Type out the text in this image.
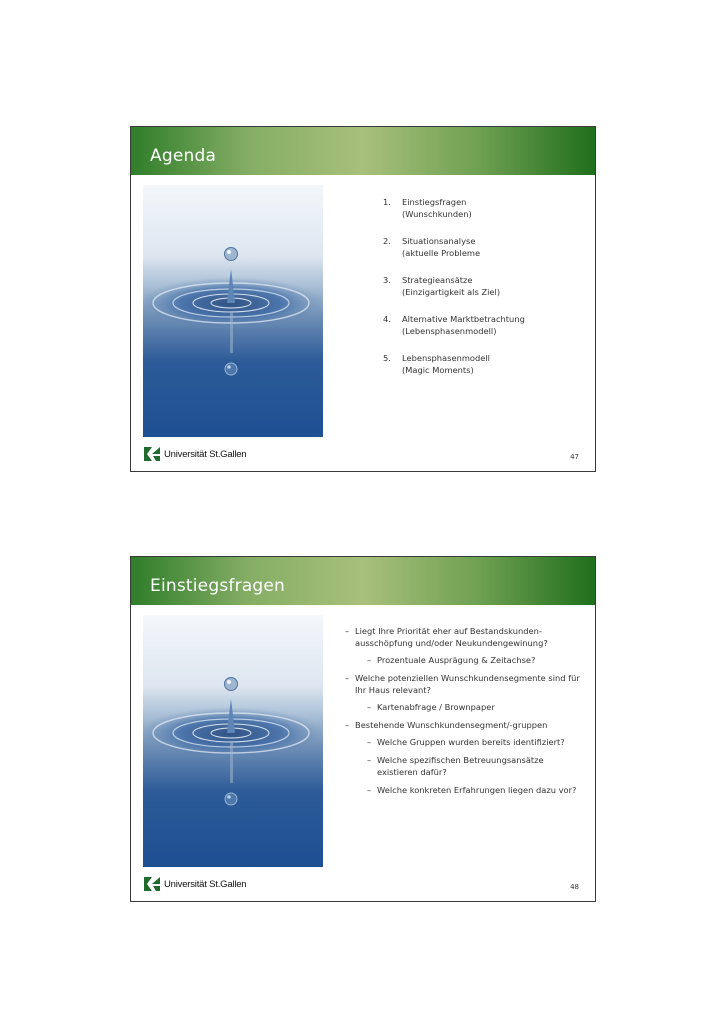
Agenda
1. Einstiegsfragen
(Wunschkunden)
2. Situationsanalyse
(aktuelle Probleme
3. Strategieansätze
(Einzigartigkeit als Ziel)
4. Alternative Marktbetrachtung
(Lebensphasenmodell)
5. Lebensphasenmodell
(Magic Moments)
Universität St.Gallen	47
Einstiegsfragen
– Liegt Ihre Priorität eher auf Bestandskunden-ausschöpfung und/oder Neukundengewinung?
– Prozentuale Ausprägung & Zeitachse?
– Welche potenziellen Wunschkundensegmente sind für Ihr Haus relevant?
– Kartenabfrage / Brownpaper
– Bestehende Wunschkundensegment/-gruppen
– Welche Gruppen wurden bereits identifiziert?
– Welche spezifischen Betreuungsansätze existieren dafür?
– Welche konkreten Erfahrungen liegen dazu vor?
Universität St.Gallen	48
